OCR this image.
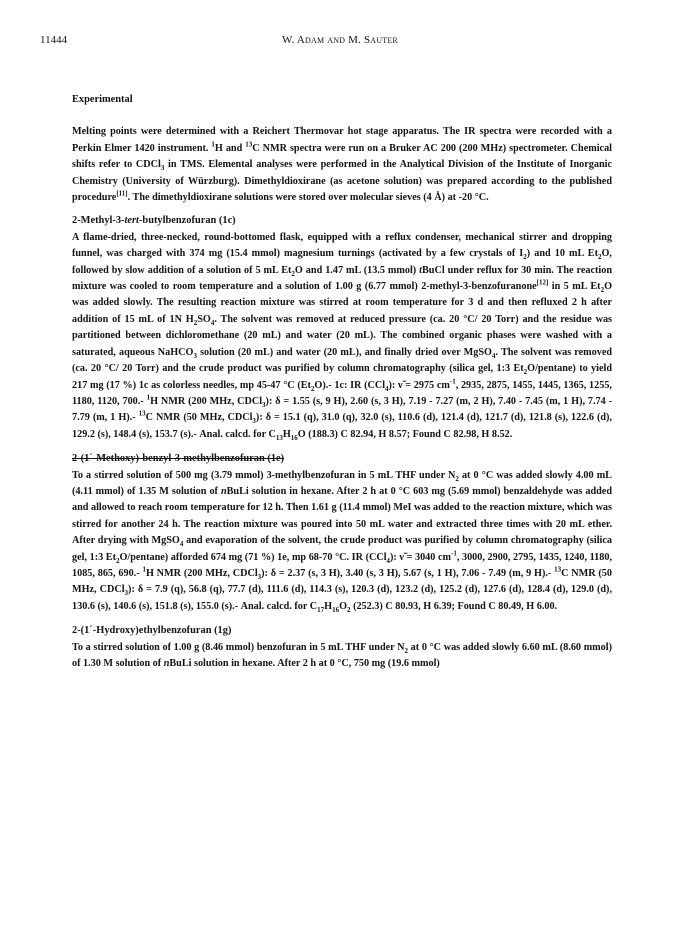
11444	W. Adam and M. Sauter
Experimental

Melting points were determined with a Reichert Thermovar hot stage apparatus. The IR spectra were recorded with a Perkin Elmer 1420 instrument. $^1$H and $^{13}$C NMR spectra were run on a Bruker AC 200 (200 MHz) spectrometer. Chemical shifts refer to CDCl$_3$ in TMS. Elemental analyses were performed in the Analytical Division of the Institute of Inorganic Chemistry (University of Würzburg). Dimethyldioxirane (as acetone solution) was prepared according to the published procedure[11]. The dimethyldioxirane solutions were stored over molecular sieves (4 Å) at -20 °C.

2-Methyl-3-tert-butylbenzofuran (1c)

A flame-dried, three-necked, round-bottomed flask, equipped with a reflux condenser, mechanical stirrer and dropping funnel, was charged with 374 mg (15.4 mmol) magnesium turnings (activated by a few crystals of $I_2$) and 10 mL $Et_2O$, followed by slow addition of a solution of 5 mL $Et_2O$ and 1.47 mL (13.5 mmol) tBuCl under reflux for 30 min. The reaction mixture was cooled to room temperature and a solution of 1.00 g (6.77 mmol) 2-methyl-3-benzofuranone[12] in 5 mL $Et_2O$ was added slowly. The resulting reaction mixture was stirred at room temperature for 3 d and then refluxed 2 h after addition of 15 mL of 1N $H_2SO_4$. The solvent was removed at reduced pressure (ca. 20 °C/ 20 Torr) and the residue was partitioned between dichloromethane (20 mL) and water (20 mL). The combined organic phases were washed with a saturated, aqueous NaHCO$_3$ solution (20 mL) and water (20 mL), and finally dried over MgSO$_4$. The solvent was removed (ca. 20 °C/ 20 Torr) and the crude product was purified by column chromatography (silica gel, 1:3 $Et_2O/pentane$) to yield 217 mg (17 %) 1c as colorless needles, mp 45-47 °C $(Et_2O).-$ 1c: IR (CCl$_4$): ν̃ = 2975 $cm^{-1}$, 2935, 2875, 1455, 1445, 1365, 1255, 1180, 1120, 700.- $^1$H NMR (200 MHz, CDCl$_3$): δ = 1.55 (s, 9 H), 2.60 (s, 3 H), 7.19 - 7.27 (m, 2 H), 7.40 - 7.45 (m, 1 H), 7.74 - 7.79 (m, 1 H).- $^{13}$C NMR (50 MHz, CDCl$_3$): δ = 15.1 (q), 31.0 (q), 32.0 (s), 110.6 (d), 121.4 (d), 121.7 (d), 121.8 (s), 122.6 (d), 129.2 (s), 148.4 (s), 153.7 (s).- Anal. calcd. for $C_{13}H_{16}O$ (188.3) C 82.94, H 8.57; Found C 82.98, H 8.52.

2-(1´-Methoxy)-benzyl-3-methylbenzofuran (1e)

To a stirred solution of 500 mg (3.79 mmol) 3-methylbenzofuran in 5 mL THF under $N_2$ at 0 °C was added slowly 4.00 mL (4.11 mmol) of 1.35 M solution of nBuLi solution in hexane. After 2 h at 0 °C 603 mg (5.69 mmol) benzaldehyde was added and allowed to reach room temperature for 12 h. Then 1.61 g (11.4 mmol) MeI was added to the reaction mixture, which was stirred for another 24 h. The reaction mixture was poured into 50 mL water and extracted three times with 20 mL ether. After drying with MgSO$_4$ and evaporation of the solvent, the crude product was purified by column chromatography (silica gel, 1:3 $Et_2O/pentane$) afforded 674 mg (71 %) 1e, mp 68-70 °C. IR (CCl$_4$): ν̃ = 3040 $cm^{-1}$, 3000, 2900, 2795, 1435, 1240, 1180, 1085, 865, 690.- $^1$H NMR (200 MHz, CDCl$_3$): δ = 2.37 (s, 3 H), 3.40 (s, 3 H), 5.67 (s, 1 H), 7.06 - 7.49 (m, 9 H).- $^{13}$C NMR (50 MHz, CDCl$_3$): δ = 7.9 (q), 56.8 (q), 77.7 (d), 111.6 (d), 114.3 (s), 120.3 (d), 123.2 (d), 125.2 (d), 127.6 (d), 128.4 (d), 129.0 (d), 130.6 (s), 140.6 (s), 151.8 (s), 155.0 (s).- Anal. calcd. for $C_{17}H_{16}O_2$ (252.3) C 80.93, H 6.39; Found C 80.49, H 6.00.

2-(1´-Hydroxy)ethylbenzofuran (1g)

To a stirred solution of 1.00 g (8.46 mmol) benzofuran in 5 mL THF under $N_2$ at 0 °C was added slowly 6.60 mL (8.60 mmol) of 1.30 M solution of nBuLi solution in hexane. After 2 h at 0 °C, 750 mg (19.6 mmol)
